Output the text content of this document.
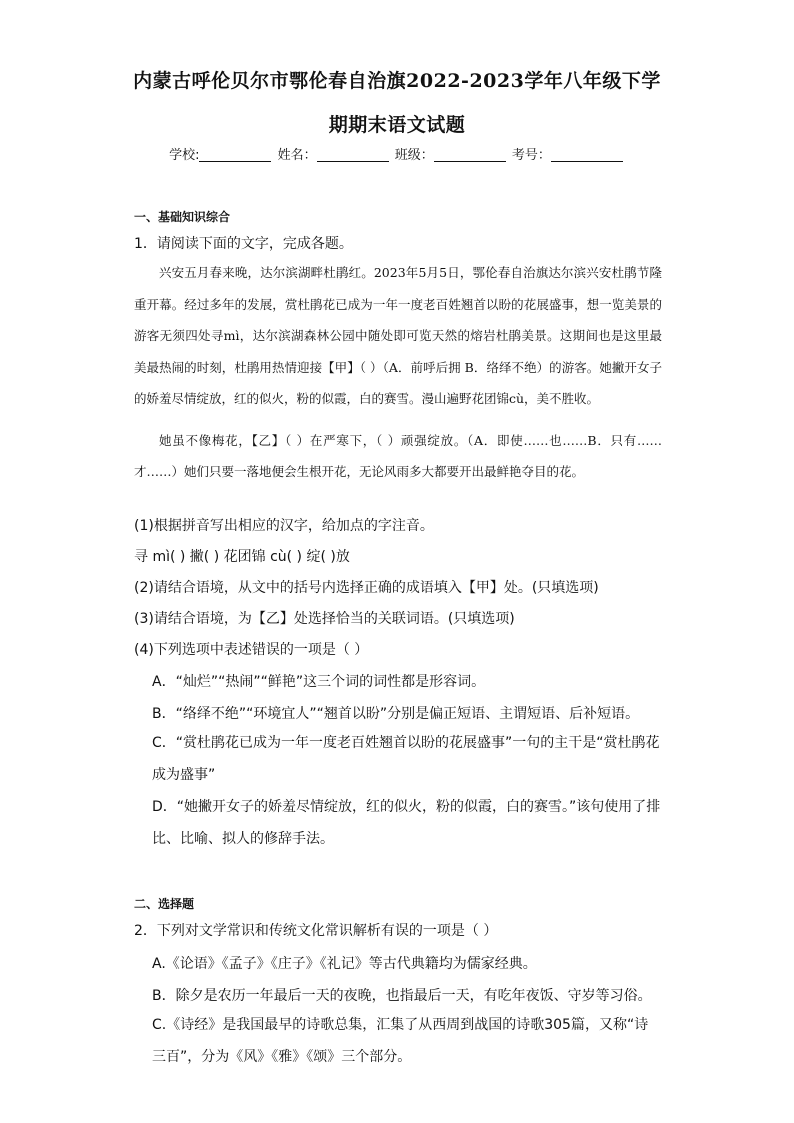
内蒙古呼伦贝尔市鄂伦春自治旗2022-2023学年八年级下学
期期末语文试题
学校:	姓名：	班级：	考号：
一、基础知识综合
1．请阅读下面的文字，完成各题。

兴安五月春来晚，达尔滨湖畔杜鹃红。2023年5月5日，鄂伦春自治旗达尔滨兴安杜鹃节隆重开幕。经过多年的发展，赏杜鹃花已成为一年一度老百姓翘首以盼的花展盛事，想一览美景的游客无须四处寻mì，达尔滨湖森林公园中随处即可览天然的熔岩杜鹃美景。这期间也是这里最美最热闹的时刻，杜鹃用热情迎接【甲】（ ）（A．前呼后拥 B．络绎不绝）的游客。她撇开女子的娇羞尽情绽放，红的似火，粉的似霞，白的赛雪。漫山遍野花团锦cù，美不胜收。

她虽不像梅花，【乙】（ ）在严寒下，（ ）顽强绽放。（A．即使……也……B．只有……才……）她们只要一落地便会生根开花，无论风雨多大都要开出最鲜艳夺目的花。

(1)根据拼音写出相应的汉字，给加点的字注音。
寻 mì( ) 撇( ) 花团锦 cù( ) 绽( )放
(2)请结合语境，从文中的括号内选择正确的成语填入【甲】处。(只填选项)
(3)请结合语境，为【乙】处选择恰当的关联词语。(只填选项)
(4)下列选项中表述错误的一项是（ ）
A．“灿烂”“热闹”“鲜艳”这三个词的词性都是形容词。
B．“络绎不绝”“环境宜人”“翘首以盼”分别是偏正短语、主谓短语、后补短语。
C．“赏杜鹃花已成为一年一度老百姓翘首以盼的花展盛事”一句的主干是“赏杜鹃花成为盛事”
D．“她撇开女子的娇羞尽情绽放，红的似火，粉的似霞，白的赛雪。”该句使用了排比、比喻、拟人的修辞手法。
二、选择题
2．下列对文学常识和传统文化常识解析有误的一项是（ ）
A.《论语》《孟子》《庄子》《礼记》等古代典籍均为儒家经典。
B．除夕是农历一年最后一天的夜晚，也指最后一天，有吃年夜饭、守岁等习俗。
C.《诗经》是我国最早的诗歌总集，汇集了从西周到战国的诗歌305篇，又称“诗三百”，分为《风》《雅》《颂》三个部分。
